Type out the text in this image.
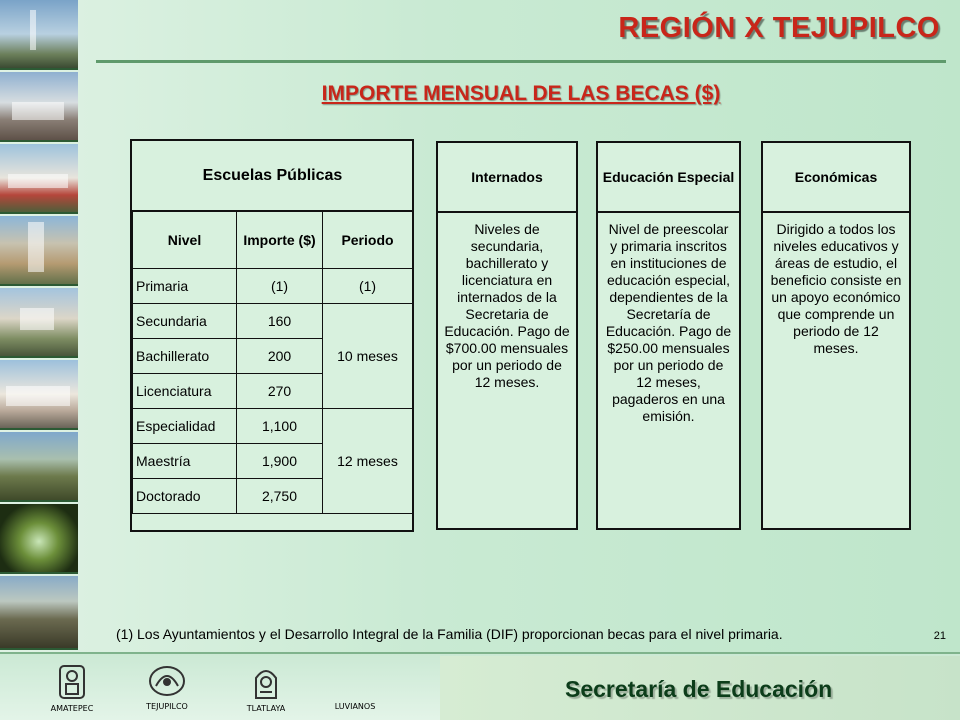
REGIÓN X TEJUPILCO
IMPORTE MENSUAL DE LAS BECAS ($)
Escuelas Públicas		
Nivel	Importe ($)	Periodo
Primaria	(1)	(1)
Secundaria	160	10 meses
Bachillerato	200	
Licenciatura	270	
Especialidad	1,100	12 meses
Maestría	1,900	
Doctorado	2,750	
Internados
Niveles de secundaria, bachillerato y licenciatura en internados de la Secretaria de Educación. Pago de $700.00 mensuales por un periodo de 12 meses.
Educación Especial
Nivel de preescolar y primaria inscritos en instituciones de educación especial, dependientes de la Secretaría de Educación. Pago de $250.00 mensuales por un periodo de 12 meses, pagaderos en una emisión.
Económicas
Dirigido a todos los niveles educativos y áreas de estudio, el beneficio consiste en un apoyo económico que comprende un periodo de 12 meses.

(1) Los Ayuntamientos y el Desarrollo Integral de la Familia (DIF) proporcionan becas para el nivel primaria.	21

Secretaría de Educación

AMATEPEC	TEJUPILCO	TLATLAYA	LUVIANOS
